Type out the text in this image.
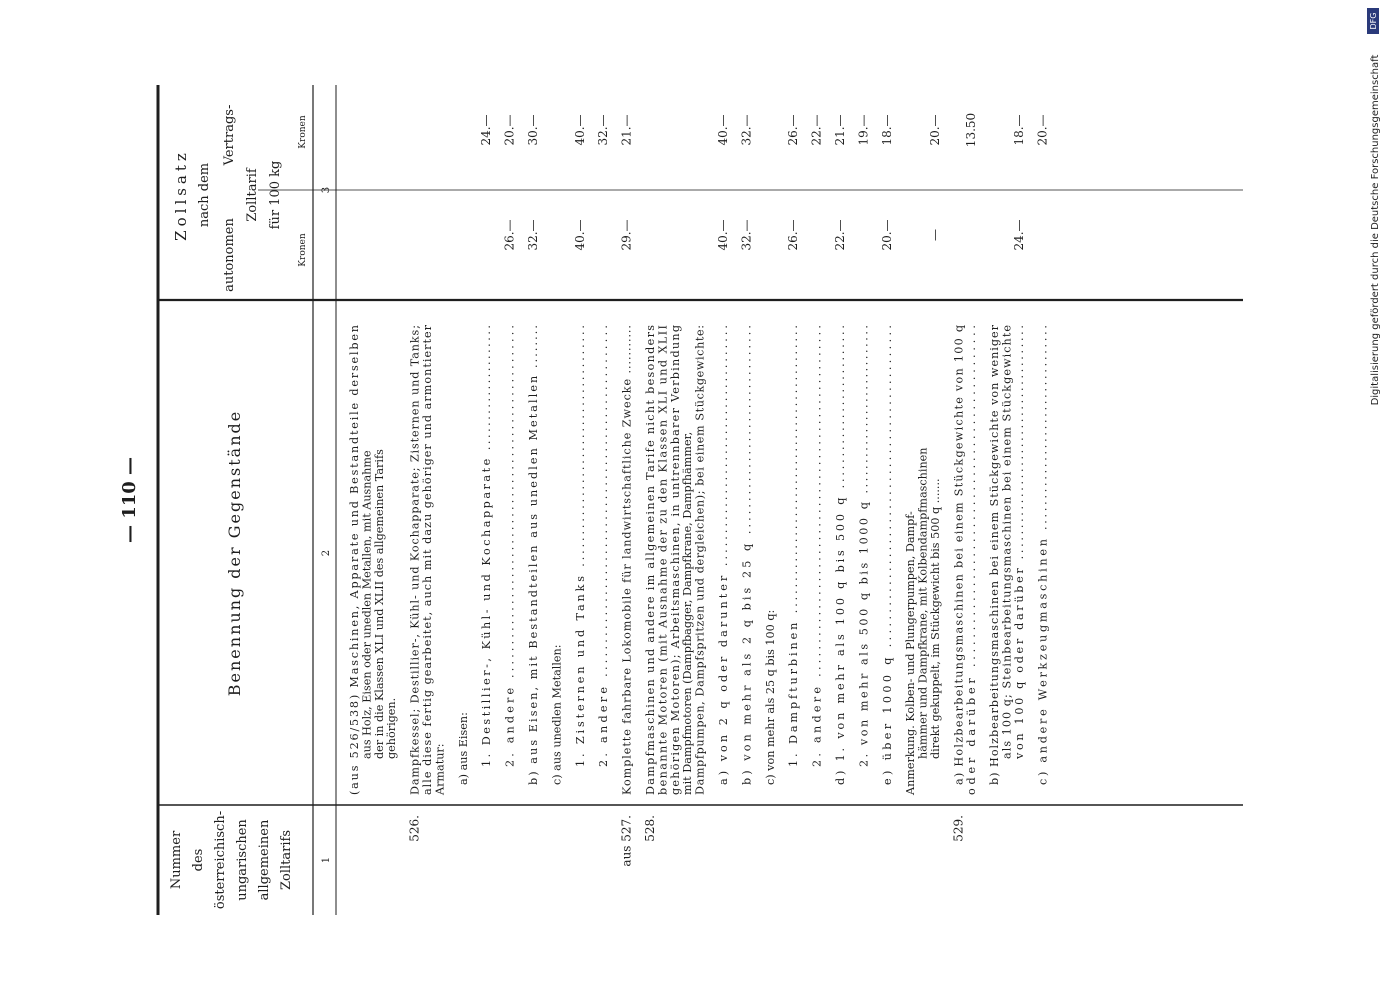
Nummer des österreichisch- ungarischen allgemeinen Zolltarifs
Benennung der Gegenstände
Zollsatz nach dem
autonomen
Vertrags-
Zolltarif für 100 kg
Kronen
Kronen
1
2
3
(aus 526/538) Maschinen, Apparate und Bestandteile derselben
aus Holz, Eisen oder unedlen Metallen, mit Ausnahme der in die Klassen XLI und XLII des allgemeinen Tarifs gehörigen.
526.
Dampfkessel; Destillier-, Kühl- und Kochapparate; Zisternen und Tanks;
alle diese fertig gearbeitet, auch mit dazu gehöriger und armontierter
Armatur: a) aus Eisen: 1. Destillier-, Kühl- und Kochapparate .....................
24.—
2. andere .....................................................
26.—
20.—
b) aus Eisen, mit Bestandteilen aus unedlen Metallen ........
32.—
30.—
c) aus unedlen Metallen: 1. Zisternen und Tanks ......................................
40.—
40.—
2. andere ....................................................
32.—
aus 527.
Komplette fahrbare Lokomobile für landwirtschaftliche Zwecke ...........
29.—
21.—
528.
Dampfmaschinen und andere im allgemeinen Tarife nicht besonders
benannte Motoren (mit Ausnahme der zu den Klassen XLI und XLII
gehörigen Motoren); Arbeitsmaschinen, in untrennbarer Verbindung
mit Dampfmotoren (Dampfbagger, Dampfkrane, Dampfhämmer, Dampfpumpen, Dampfspritzen und dergleichen); bei einem Stückgewichte:
a) von 2 q oder darunter .....................................
40.—
40.—
b) von mehr als 2 q bis 25 q ................................
32.—
32.—
c) von mehr als 25 q bis 100 q: 1. Dampfturbinen .............................................
26.—
26.—
2. andere ....................................................
22.—
d) 1. von mehr als 100 q bis 500 q ..........................
22.—
21.—
2. von mehr als 500 q bis 1000 q ............................
19.—
e) über 1000 q ...............................................
20.—
18.—
Anmerkung. Kolben- und Plungerpumpen, Dampf- hämmer und Dampfkrane, mit Kolbendampfmaschinen direkt gekuppelt, im Stückgewicht bis 500 q .......
—
20.—
529.
a) Holzbearbeitungsmaschinen bei einem Stückgewichte von 100 q
oder darüber ...............................................
13.50
b) Holzbearbeitungsmaschinen bei einem Stückgewichte von weniger
als 100 q; Steinbearbeitungsmaschinen bei einem Stückgewichte
von 100 q oder darüber ......................................
24.—
18.—
c) andere Werkzeugmaschinen .................................
20.—
— 110 —
Digitalisierung gefördert durch die Deutsche Forschungsgemeinschaft
DFG
